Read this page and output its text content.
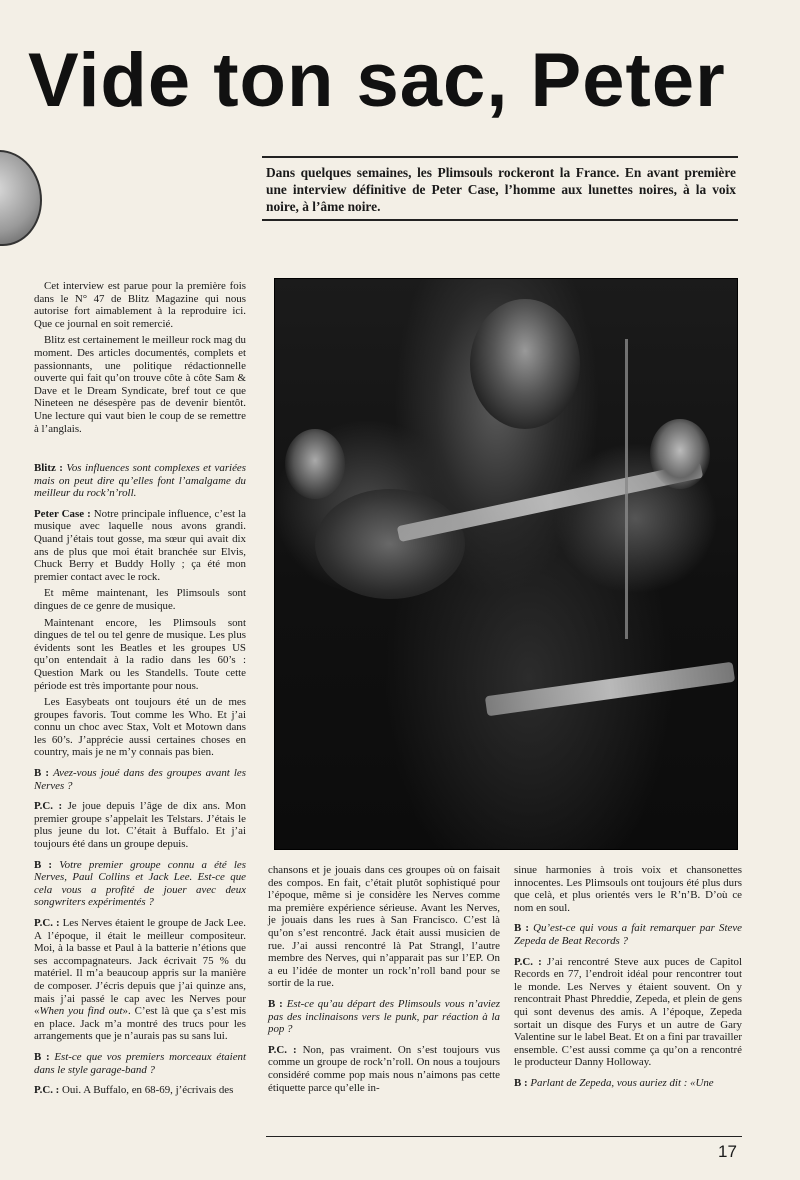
Vide ton sac, Peter
Dans quelques semaines, les Plimsouls rockeront la France. En avant première une interview définitive de Peter Case, l’homme aux lunettes noires, à la voix noire, à l’âme noire.

Cet interview est parue pour la première fois dans le N° 47 de Blitz Magazine qui nous autorise fort aimablement à la reproduire ici. Que ce journal en soit remercié.

Blitz est certainement le meilleur rock mag du moment. Des articles documentés, complets et passionnants, une politique rédactionnelle ouverte qui fait qu’on trouve côte à côte Sam & Dave et le Dream Syndicate, bref tout ce que Nineteen ne désespère pas de devenir bientôt. Une lecture qui vaut bien le coup de se remettre à l’anglais.

Blitz : Vos influences sont complexes et variées mais on peut dire qu’elles font l’amalgame du meilleur du rock’n’roll.

Peter Case : Notre principale influence, c’est la musique avec laquelle nous avons grandi. Quand j’étais tout gosse, ma sœur qui avait dix ans de plus que moi était branchée sur Elvis, Chuck Berry et Buddy Holly ; ça été mon premier contact avec le rock.

Et même maintenant, les Plimsouls sont dingues de ce genre de musique.

Maintenant encore, les Plimsouls sont dingues de tel ou tel genre de musique. Les plus évidents sont les Beatles et les groupes US qu’on entendait à la radio dans les 60’s : Question Mark ou les Standells. Toute cette période est très importante pour nous.

Les Easybeats ont toujours été un de mes groupes favoris. Tout comme les Who. Et j’ai connu un choc avec Stax, Volt et Motown dans les 60’s. J’apprécie aussi certaines choses en country, mais je ne m’y connais pas bien.

B : Avez-vous joué dans des groupes avant les Nerves ?

P.C. : Je joue depuis l’âge de dix ans. Mon premier groupe s’appelait les Telstars. J’étais le plus jeune du lot. C’était à Buffalo. Et j’ai toujours été dans un groupe depuis.

B : Votre premier groupe connu a été les Nerves, Paul Collins et Jack Lee. Est-ce que cela vous a profité de jouer avec deux songwriters expérimentés ?

P.C. : Les Nerves étaient le groupe de Jack Lee. A l’époque, il était le meilleur compositeur. Moi, à la basse et Paul à la batterie n’étions que ses accompagnateurs. Jack écrivait 75 % du matériel. Il m’a beaucoup appris sur la manière de composer. J’écris depuis que j’ai quinze ans, mais j’ai passé le cap avec les Nerves pour «When you find out». C’est là que ça s’est mis en place. Jack m’a montré des trucs pour les arrangements que je n’aurais pas su sans lui.

B : Est-ce que vos premiers morceaux étaient dans le style garage-band ?

P.C. : Oui. A Buffalo, en 68-69, j’écrivais des

chansons et je jouais dans ces groupes où on faisait des compos. En fait, c’était plutôt sophistiqué pour l’époque, même si je considère les Nerves comme ma première expérience sérieuse. Avant les Nerves, je jouais dans les rues à San Francisco. C’est là qu’on s’est rencontré. Jack était aussi musicien de rue. J’ai aussi rencontré là Pat Strangl, l’autre membre des Nerves, qui n’apparait pas sur l’EP. On a eu l’idée de monter un rock’n’roll band pour se sortir de la rue.

B : Est-ce qu’au départ des Plimsouls vous n’aviez pas des inclinaisons vers le punk, par réaction à la pop ?

P.C. : Non, pas vraiment. On s’est toujours vus comme un groupe de rock’n’roll. On nous a toujours considéré comme pop mais nous n’aimons pas cette étiquette parce qu’elle in-

sinue harmonies à trois voix et chansonettes innocentes. Les Plimsouls ont toujours été plus durs que celà, et plus orientés vers le R’n’B. D’où ce nom en soul.

B : Qu’est-ce qui vous a fait remarquer par Steve Zepeda de Beat Records ?

P.C. : J’ai rencontré Steve aux puces de Capitol Records en 77, l’endroit idéal pour rencontrer tout le monde. Les Nerves y étaient souvent. On y rencontrait Phast Phreddie, Zepeda, et plein de gens qui sont devenus des amis. A l’époque, Zepeda sortait un disque des Furys et un autre de Gary Valentine sur le label Beat. Et on a fini par travailler ensemble. C’est aussi comme ça qu’on a rencontré le producteur Danny Holloway.

B : Parlant de Zepeda, vous auriez dit : «Une

17
